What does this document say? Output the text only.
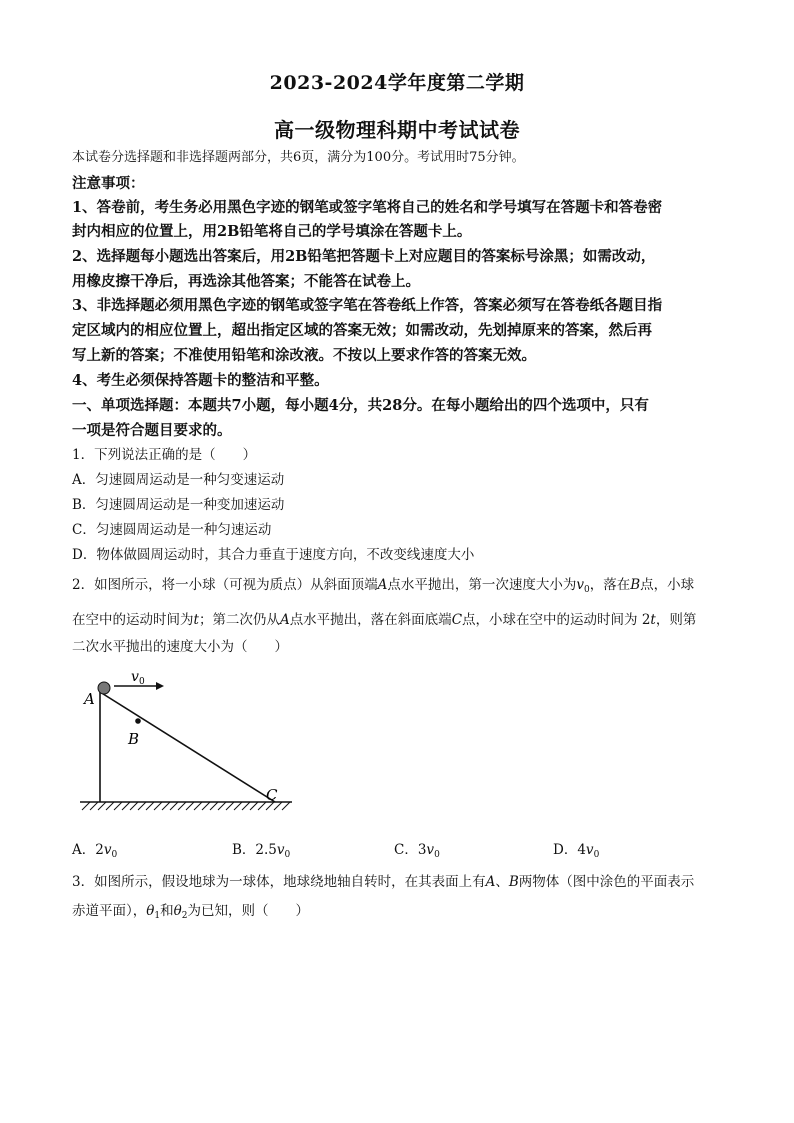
2023-2024学年度第二学期
高一级物理科期中考试试卷
本试卷分选择题和非选择题两部分，共6页，满分为100分。考试用时75分钟。
注意事项：
1、答卷前，考生务必用黑色字迹的钢笔或签字笔将自己的姓名和学号填写在答题卡和答卷密
封内相应的位置上，用2B铅笔将自己的学号填涂在答题卡上。
2、选择题每小题选出答案后，用2B铅笔把答题卡上对应题目的答案标号涂黑；如需改动，
用橡皮擦干净后，再选涂其他答案；不能答在试卷上。
3、非选择题必须用黑色字迹的钢笔或签字笔在答卷纸上作答，答案必须写在答卷纸各题目指
定区域内的相应位置上，超出指定区域的答案无效；如需改动，先划掉原来的答案，然后再
写上新的答案；不准使用铅笔和涂改液。不按以上要求作答的答案无效。
4、考生必须保持答题卡的整洁和平整。
一、单项选择题：本题共7小题，每小题4分，共28分。在每小题给出的四个选项中，只有
一项是符合题目要求的。
1．下列说法正确的是（　　）
A．匀速圆周运动是一种匀变速运动
B．匀速圆周运动是一种变加速运动
C．匀速圆周运动是一种匀速运动
D．物体做圆周运动时，其合力垂直于速度方向，不改变线速度大小
2．如图所示，将一小球（可视为质点）从斜面顶端A点水平抛出，第一次速度大小为$v_0$，落在B点，小球
在空中的运动时间为t；第二次仍从A点水平抛出，落在斜面底端C点，小球在空中的运动时间为 2t，则第
二次水平抛出的速度大小为（　　）
A
B
C
v 0
A．$2v_0$	B．$2.5v_0$	C．$3v_0$	D．$4v_0$
3．如图所示，假设地球为一球体，地球绕地轴自转时，在其表面上有A、B两物体（图中涂色的平面表示
赤道平面），$\theta_1$和$\theta_2$为已知，则（　　）
